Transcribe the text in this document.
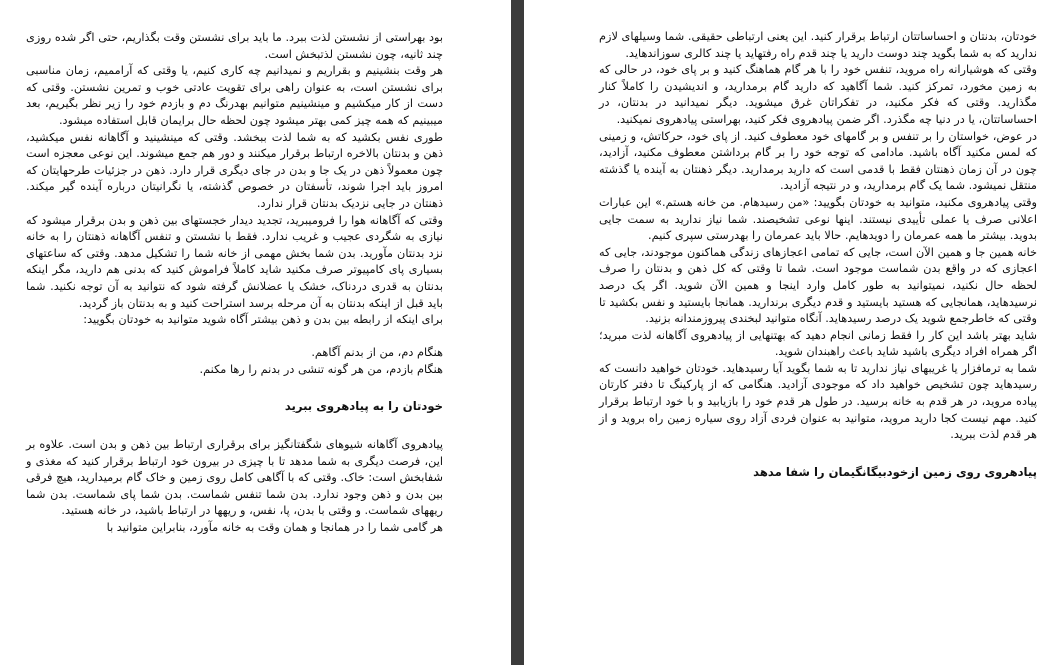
بود بهراستی از نشستن لذت ببرد. ما باید برای نشستن وقت بگذاریم، حتی اگر شده روزی چند ثانیه، چون نشستن لذتبخش است.

هر وقت بنشینیم و بقراریم و نمیدانیم چه کاری کنیم، یا وقتی که آراممیم، زمان مناسبی برای نشستن است، به عنوان راهی برای تقویت عادتی خوب و تمرین نشستن. وقتی که دست از کار میکشیم و مینشینیم متوانیم بهدرنگ دم و بازدم خود را زیر نظر بگیریم، بعد میبینیم که همه چیز کمی بهتر میشود چون لحظه حال برایمان قابل استفاده میشود.

طوری نفس بکشید که به شما لذت ببخشد. وقتی که مینشینید و آگاهانه نفس میکشید، ذهن و بدنتان بالاخره ارتباط برقرار میکنند و دور هم جمع میشوند. این نوعی معجزه است چون معمولاً ذهن در یک جا و بدن در جای دیگری قرار دارد. ذهن در جزئیات طرحهایتان که امروز باید اجرا شوند، تأسفتان در خصوص گذشته، یا نگرانیتان درباره آینده گیر میکند. ذهنتان در جایی نزدیک بدنتان قرار ندارد.

وقتی که آگاهانه هوا را فرومیبرید، تجدید دیدار خجستهای بین ذهن و بدن برقرار میشود که نیازی به شگردی عجیب و غریب ندارد. فقط با نشستن و تنفس آگاهانه ذهنتان را به خانه نزد بدنتان مآورید. بدن شما بخش مهمی از خانه شما را تشکیل مدهد. وقتی که ساعتهای بسیاری پای کامپیوتر صرف مکنید شاید کاملاً فراموش کنید که بدنی هم دارید، مگر اینکه بدنتان به قدری دردناک، خشک یا عضلانش گرفته شود که نتوانید به آن توجه نکنید. شما باید قبل از اینکه بدنتان به آن مرحله برسد استراحت کنید و به بدنتان باز گردید.

برای اینکه از رابطه بین بدن و ذهن بیشتر آگاه شوید متوانید به خودتان بگویید:

هنگام دم، من از بدنم آگاهم.

هنگام بازدم، من هر گونه تنشی در بدنم را رها مکنم.

خودتان را به پیادهروی ببرید

پیادهروی آگاهانه شیوهای شگفتانگیز برای برقراری ارتباط بین ذهن و بدن است. علاوه بر این، فرصت دیگری به شما مدهد تا با چیزی در بیرون خود ارتباط برقرار کنید که مغذی و شفابخش است: خاک. وقتی که با آگاهی کامل روی زمین و خاک گام برمیدارید، هیچ فرقی بین بدن و ذهن وجود ندارد. بدن شما تنفس شماست. بدن شما پای شماست. بدن شما ریههای شماست. و وقتی با بدن، پا، نفس، و ریهها در ارتباط باشید، در خانه هستید.

هر گامی شما را در همانجا و همان وقت به خانه مآورد، بنابراین متوانید با

خودتان، بدنتان و احساساتتان ارتباط برقرار کنید. این یعنی ارتباطی حقیقی. شما وسیلهای لازم ندارید که به شما بگوید چند دوست دارید یا چند قدم راه رفتهاید یا چند کالری سوزاندهاید.

وقتی که هوشیارانه راه مروید، تنفس خود را با هر گام هماهنگ کنید و بر پای خود، در حالی که به زمین مخورد، تمرکز کنید. شما آگاهید که دارید گام برمدارید، و اندیشیدن را کاملاً کنار مگذارید. وقتی که فکر مکنید، در تفکراتان غرق میشوید. دیگر نمیدانید در بدنتان، در احساساتتان، یا در دنیا چه مگذرد. اگر ضمن پیادهروی فکر کنید، بهراستی پیادهروی نمیکنید.

در عوض، خواستان را بر تنفس و بر گامهای خود معطوف کنید. از پای خود، حرکاتش، و زمینی که لمس مکنید آگاه باشید. مادامی که توجه خود را بر گام برداشتن معطوف مکنید، آزادید، چون در آن زمان ذهنتان فقط با قدمی است که دارید برمدارید. دیگر ذهنتان به آینده یا گذشته منتقل نمیشود. شما یک گام برمدارید، و در نتیجه آزادید.

وقتی پیادهروی مکنید، متوانید به خودتان بگویید: «من رسیدهام. من خانه هستم.» این عبارات اعلانی صرف یا عملی تأییدی نیستند. اینها نوعی تشخیصند. شما نیاز ندارید به سمت جایی بدوید. بیشتر ما همه عمرمان را دویدهایم. حالا باید عمرمان را بهدرستی سپری کنیم.

خانه همین جا و همین الآن است، جایی که تمامی اعجازهای زندگی هماکنون موجودند، جایی که اعجازی که در واقع بدن شماست موجود است. شما تا وقتی که کل ذهن و بدنتان را صرف لحظه حال نکنید، نمیتوانید به طور کامل وارد اینجا و همین الآن شوید. اگر یک درصد نرسیدهاید، همانجایی که هستید بایستید و قدم دیگری برندارید. همانجا بایستید و نفس بکشید تا وقتی که خاطرجمع شوید یک درصد رسیدهاید. آنگاه متوانید لبخندی پیروزمندانه بزنید.

شاید بهتر باشد این کار را فقط زمانی انجام دهید که بهتنهایی از پیادهروی آگاهانه لذت مبرید؛ اگر همراه افراد دیگری باشید شاید باعث راهبندان شوید.

شما به ترمافزار یا غریبهای نیاز ندارید تا به شما بگوید آیا رسیدهاید. خودتان خواهید دانست که رسیدهاید چون تشخیص خواهید داد که موجودی آزادید. هنگامی که از پارکینگ تا دفتر کارتان پیاده مروید، در هر قدم به خانه برسید. در طول هر قدم خود را بازیابید و با خود ارتباط برقرار کنید. مهم نیست کجا دارید مروید، متوانید به عنوان فردی آزاد روی سیاره زمین راه بروید و از هر قدم لذت ببرید.

پیادهروی روی زمین ازخودبیگانگیمان را شفا مدهد
